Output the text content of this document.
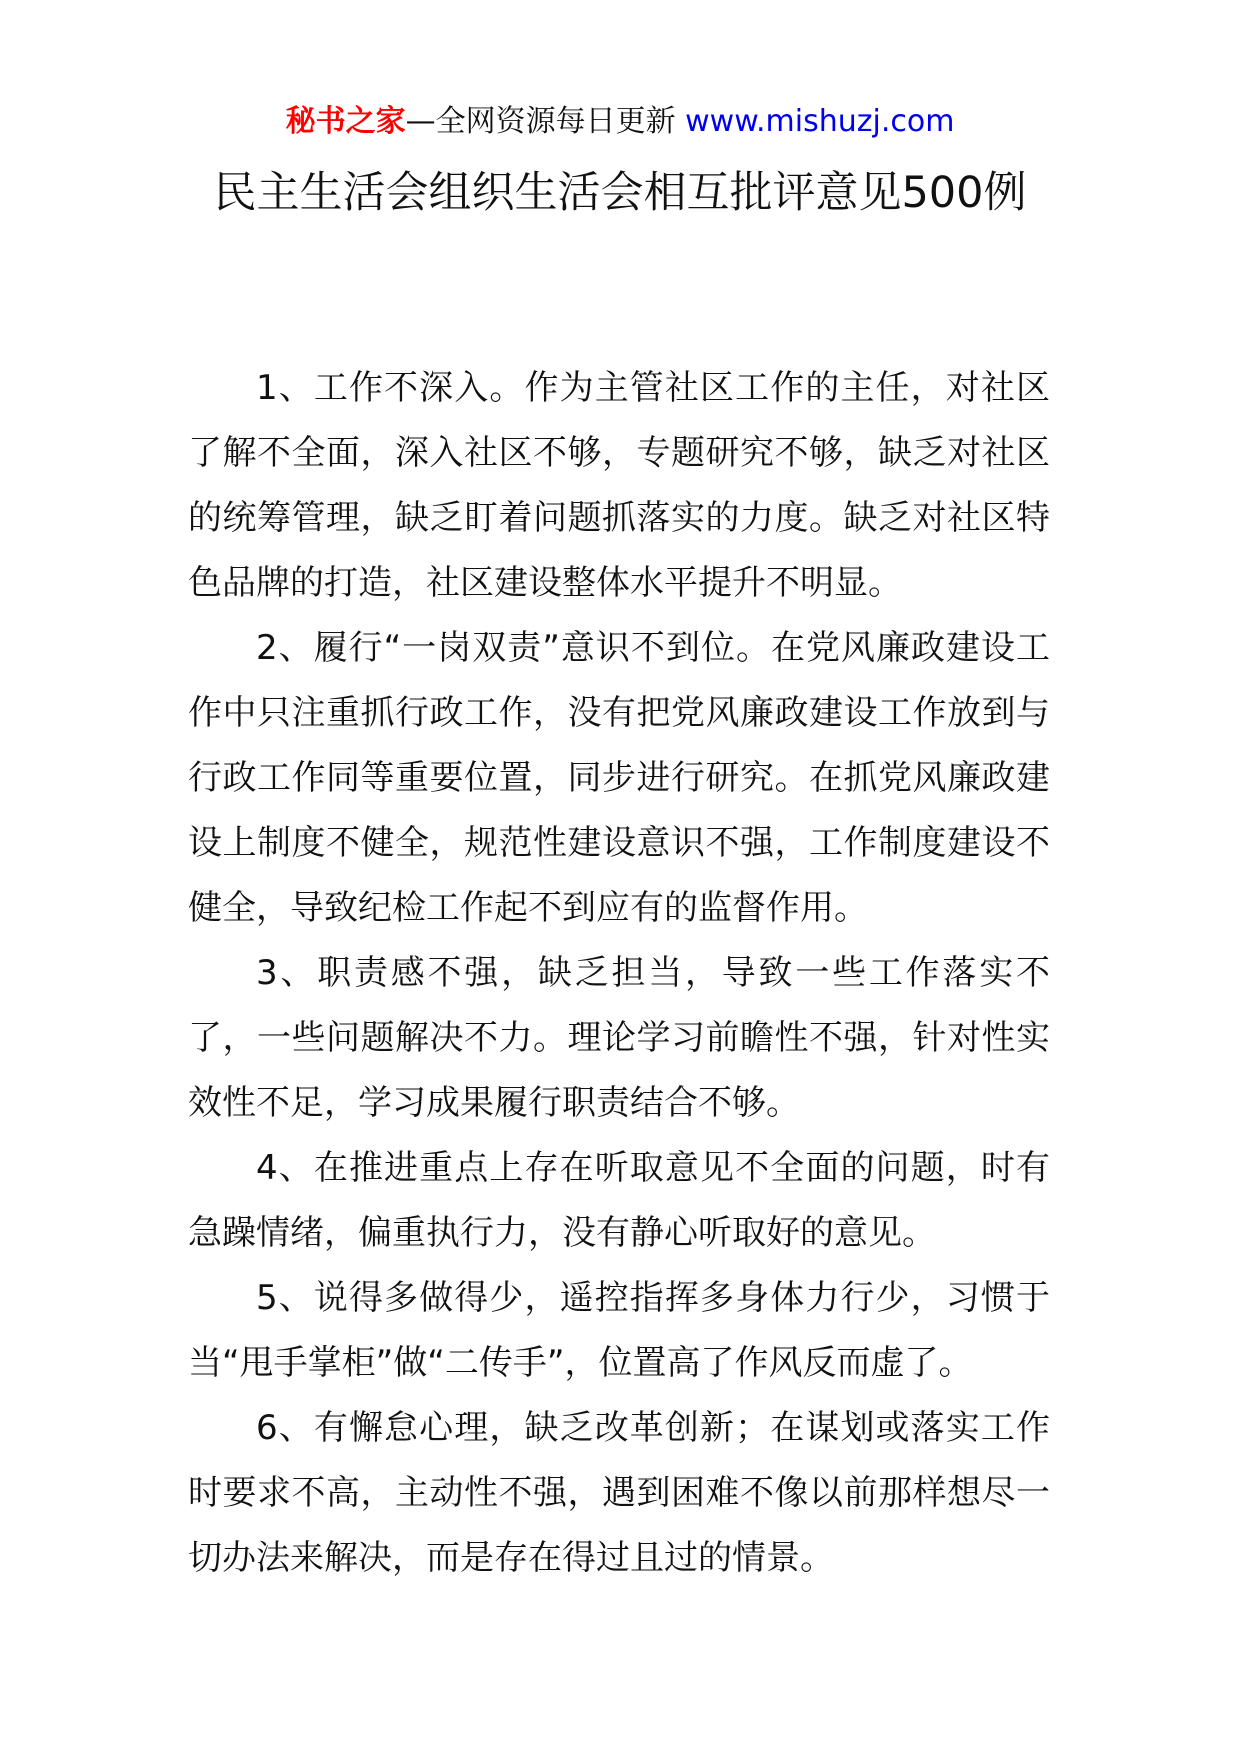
秘书之家—全网资源每日更新 www.mishuzj.com
民主生活会组织生活会相互批评意见500例

1、工作不深入。作为主管社区工作的主任，对社区了解不全面，深入社区不够，专题研究不够，缺乏对社区的统筹管理，缺乏盯着问题抓落实的力度。缺乏对社区特色品牌的打造，社区建设整体水平提升不明显。

2、履行“一岗双责”意识不到位。在党风廉政建设工作中只注重抓行政工作，没有把党风廉政建设工作放到与行政工作同等重要位置，同步进行研究。在抓党风廉政建设上制度不健全，规范性建设意识不强，工作制度建设不健全，导致纪检工作起不到应有的监督作用。

3、职责感不强，缺乏担当，导致一些工作落实不了，一些问题解决不力。理论学习前瞻性不强，针对性实效性不足，学习成果履行职责结合不够。

4、在推进重点上存在听取意见不全面的问题，时有急躁情绪，偏重执行力，没有静心听取好的意见。

5、说得多做得少，遥控指挥多身体力行少，习惯于当“甩手掌柜”做“二传手”，位置高了作风反而虚了。

6、有懈怠心理，缺乏改革创新；在谋划或落实工作时要求不高，主动性不强，遇到困难不像以前那样想尽一切办法来解决，而是存在得过且过的情景。
